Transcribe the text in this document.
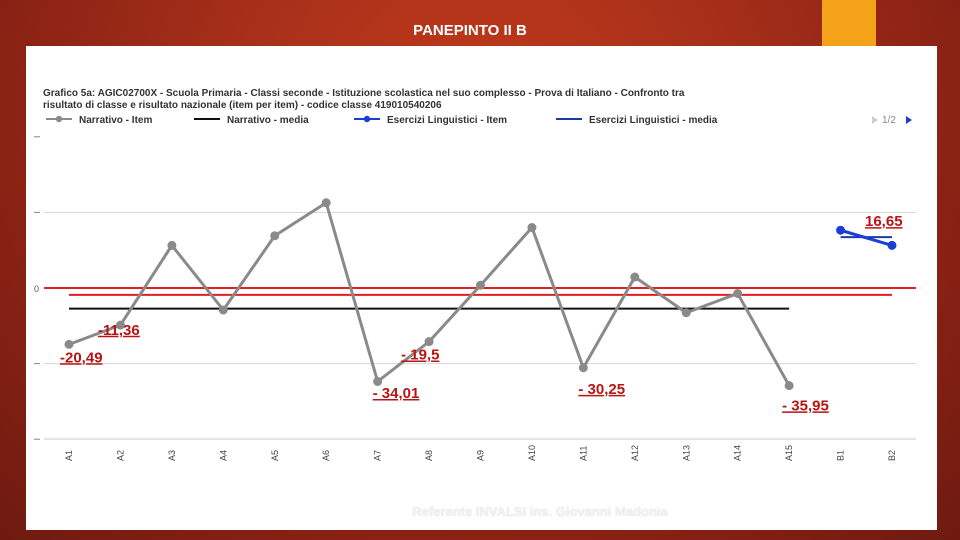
PANEPINTO II B
Grafico 5a: AGIC02700X - Scuola Primaria - Classi seconde - Istituzione scolastica nel suo complesso - Prova di Italiano - Confronto tra
risultato di classe e risultato nazionale (item per item) - codice classe 419010540206
Narrativo - Item	Narrativo - media	Esercizi Linguistici - Item	Esercizi Linguistici - media	1/2
0
A1	A2	A3	A4	A5	A6	A7	A8	A9	A10	A11	A12	A13	A14	A15	B1	B2
16,65
-11,36
-20,49	- 19,5
- 34,01	- 30,25
- 35,95
Referente INVALSI ins. Giovanni Madonia
